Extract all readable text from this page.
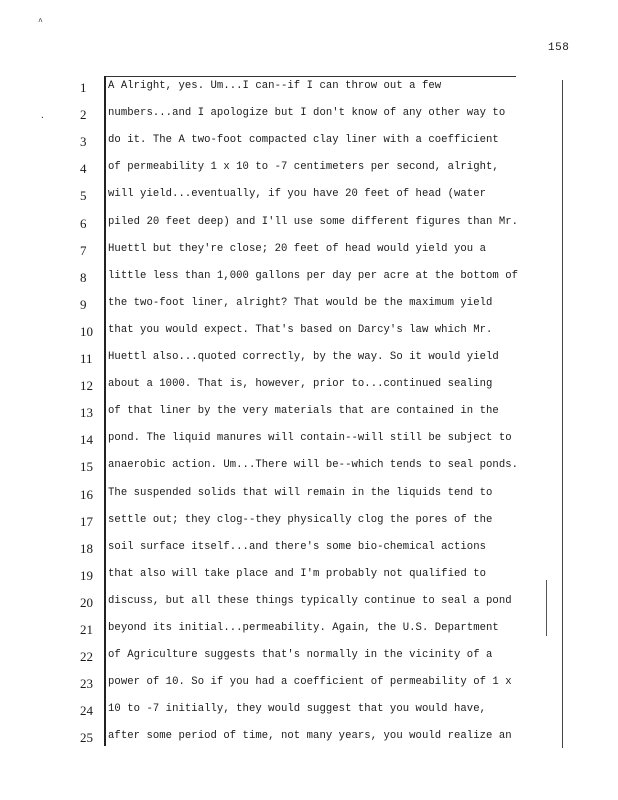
^
.
158
1	A Alright, yes. Um...I can--if I can throw out a few
2	numbers...and I apologize but I don't know of any other way to
3	do it. The A two-foot compacted clay liner with a coefficient
4	of permeability 1 x 10 to -7 centimeters per second, alright,
5	will yield...eventually, if you have 20 feet of head (water
6	piled 20 feet deep) and I'll use some different figures than Mr.
7	Huettl but they're close; 20 feet of head would yield you a
8	little less than 1,000 gallons per day per acre at the bottom of
9	the two-foot liner, alright? That would be the maximum yield
10	that you would expect. That's based on Darcy's law which Mr.
11	Huettl also...quoted correctly, by the way. So it would yield
12	about a 1000. That is, however, prior to...continued sealing
13	of that liner by the very materials that are contained in the
14	pond. The liquid manures will contain--will still be subject to
15	anaerobic action. Um...There will be--which tends to seal ponds.
16	The suspended solids that will remain in the liquids tend to
17	settle out; they clog--they physically clog the pores of the
18	soil surface itself...and there's some bio-chemical actions
19	that also will take place and I'm probably not qualified to
20	discuss, but all these things typically continue to seal a pond
21	beyond its initial...permeability. Again, the U.S. Department
22	of Agriculture suggests that's normally in the vicinity of a
23	power of 10. So if you had a coefficient of permeability of 1 x
24	10 to -7 initially, they would suggest that you would have,
25	after some period of time, not many years, you would realize an
